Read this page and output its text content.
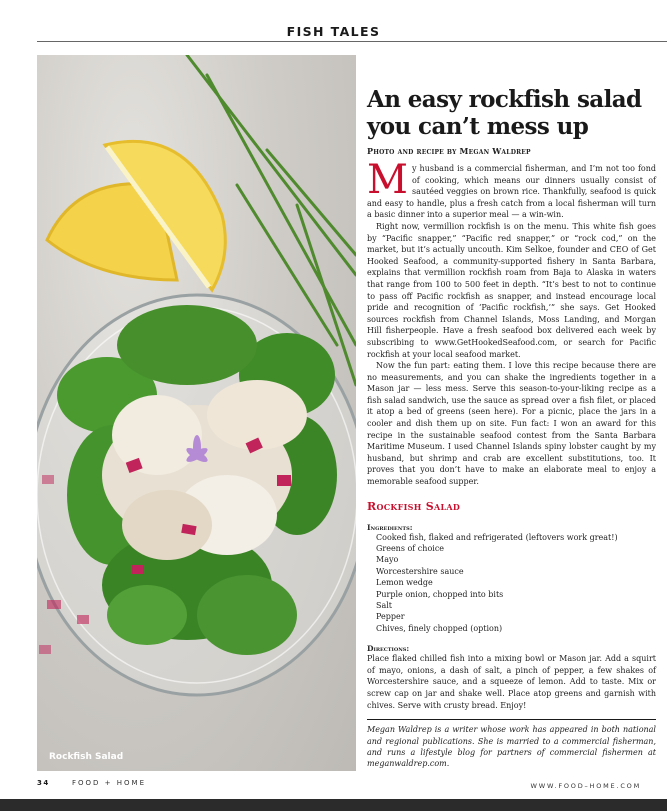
FISH TALES
Rockfish Salad
An easy rockfish salad you can’t mess up
Photo and recipe by Megan Waldrep

My husband is a commercial fisherman, and I’m not too fond of cooking, which means our dinners usually consist of sautéed veggies on brown rice. Thankfully, seafood is quick and easy to handle, plus a fresh catch from a local fisherman will turn a basic dinner into a superior meal — a win-win.

Right now, vermillion rockfish is on the menu. This white fish goes by “Pacific snapper,” “Pacific red snapper,” or “rock cod,” on the market, but it’s actually uncouth. Kim Selkoe, founder and CEO of Get Hooked Seafood, a community-supported fishery in Santa Barbara, explains that vermillion rockfish roam from Baja to Alaska in waters that range from 100 to 500 feet in depth. “It’s best to not to continue to pass off Pacific rockfish as snapper, and instead encourage local pride and recognition of ‘Pacific rockfish,’” she says. Get Hooked sources rockfish from Channel Islands, Moss Landing, and Morgan Hill fisherpeople. Have a fresh seafood box delivered each week by subscribing to www.GetHookedSeafood.com, or search for Pacific rockfish at your local seafood market.

Now the fun part: eating them. I love this recipe because there are no measurements, and you can shake the ingredients together in a Mason jar — less mess. Serve this season-to-your-liking recipe as a fish salad sandwich, use the sauce as spread over a fish filet, or placed it atop a bed of greens (seen here). For a picnic, place the jars in a cooler and dish them up on site. Fun fact: I won an award for this recipe in the sustainable seafood contest from the Santa Barbara Maritime Museum. I used Channel Islands spiny lobster caught by my husband, but shrimp and crab are excellent substitutions, too. It proves that you don’t have to make an elaborate meal to enjoy a memorable seafood supper.

Rockfish Salad
Ingredients:
Cooked fish, flaked and refrigerated (leftovers work great!)
Greens of choice
Mayo
Worcestershire sauce
Lemon wedge
Purple onion, chopped into bits
Salt
Pepper
Chives, finely chopped (option)
Directions:

Place flaked chilled fish into a mixing bowl or Mason jar. Add a squirt of mayo, onions, a dash of salt, a pinch of pepper, a few shakes of Worcestershire sauce, and a squeeze of lemon. Add to taste. Mix or screw cap on jar and shake well. Place atop greens and garnish with chives. Serve with crusty bread. Enjoy!

Megan Waldrep is a writer whose work has appeared in both national and regional publications. She is married to a commercial fisherman, and runs a lifestyle blog for partners of commercial fishermen at meganwaldrep.com.

34	FOOD + HOME	WWW.FOOD–HOME.COM
